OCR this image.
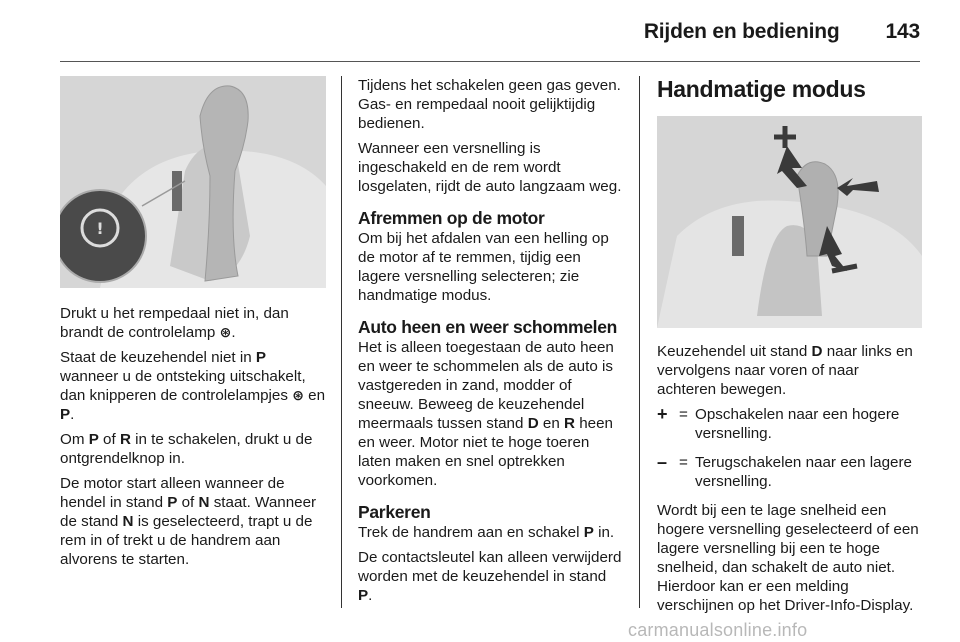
Rijden en bediening 143
!

Drukt u het rempedaal niet in, dan brandt de controlelamp ⊛.

Staat de keuzehendel niet in P wanneer u de ontsteking uitschakelt, dan knipperen de controlelampjes ⊛ en
P.

Om P of R in te schakelen, drukt u de ontgrendelknop in.

De motor start alleen wanneer de hendel in stand P of N staat. Wanneer de stand N is geselecteerd, trapt u de rem in of trekt u de handrem aan alvorens te starten.

Tijdens het schakelen geen gas geven. Gas- en rempedaal nooit gelijktijdig bedienen.

Wanneer een versnelling is ingeschakeld en de rem wordt losgelaten, rijdt de auto langzaam weg.

Afremmen op de motor

Om bij het afdalen van een helling op de motor af te remmen, tijdig een lagere versnelling selecteren; zie handmatige modus.

Auto heen en weer schommelen

Het is alleen toegestaan de auto heen en weer te schommelen als de auto is vastgereden in zand, modder of sneeuw. Beweeg de keuzehendel meermaals tussen stand D en R heen en weer. Motor niet te hoge toeren laten maken en snel optrekken voorkomen.

Parkeren

Trek de handrem aan en schakel P in.

De contactsleutel kan alleen verwijderd worden met de keuzehendel in stand P.

Handmatige modus

Keuzehendel uit stand D naar links en vervolgens naar voren of naar achteren bewegen.

+ = Opschakelen naar een hogere versnelling.
– = Terugschakelen naar een lagere versnelling.

Wordt bij een te lage snelheid een hogere versnelling geselecteerd of een lagere versnelling bij een te hoge snelheid, dan schakelt de auto niet. Hierdoor kan er een melding verschijnen op het Driver-Info-Display.

carmanualsonline.info
